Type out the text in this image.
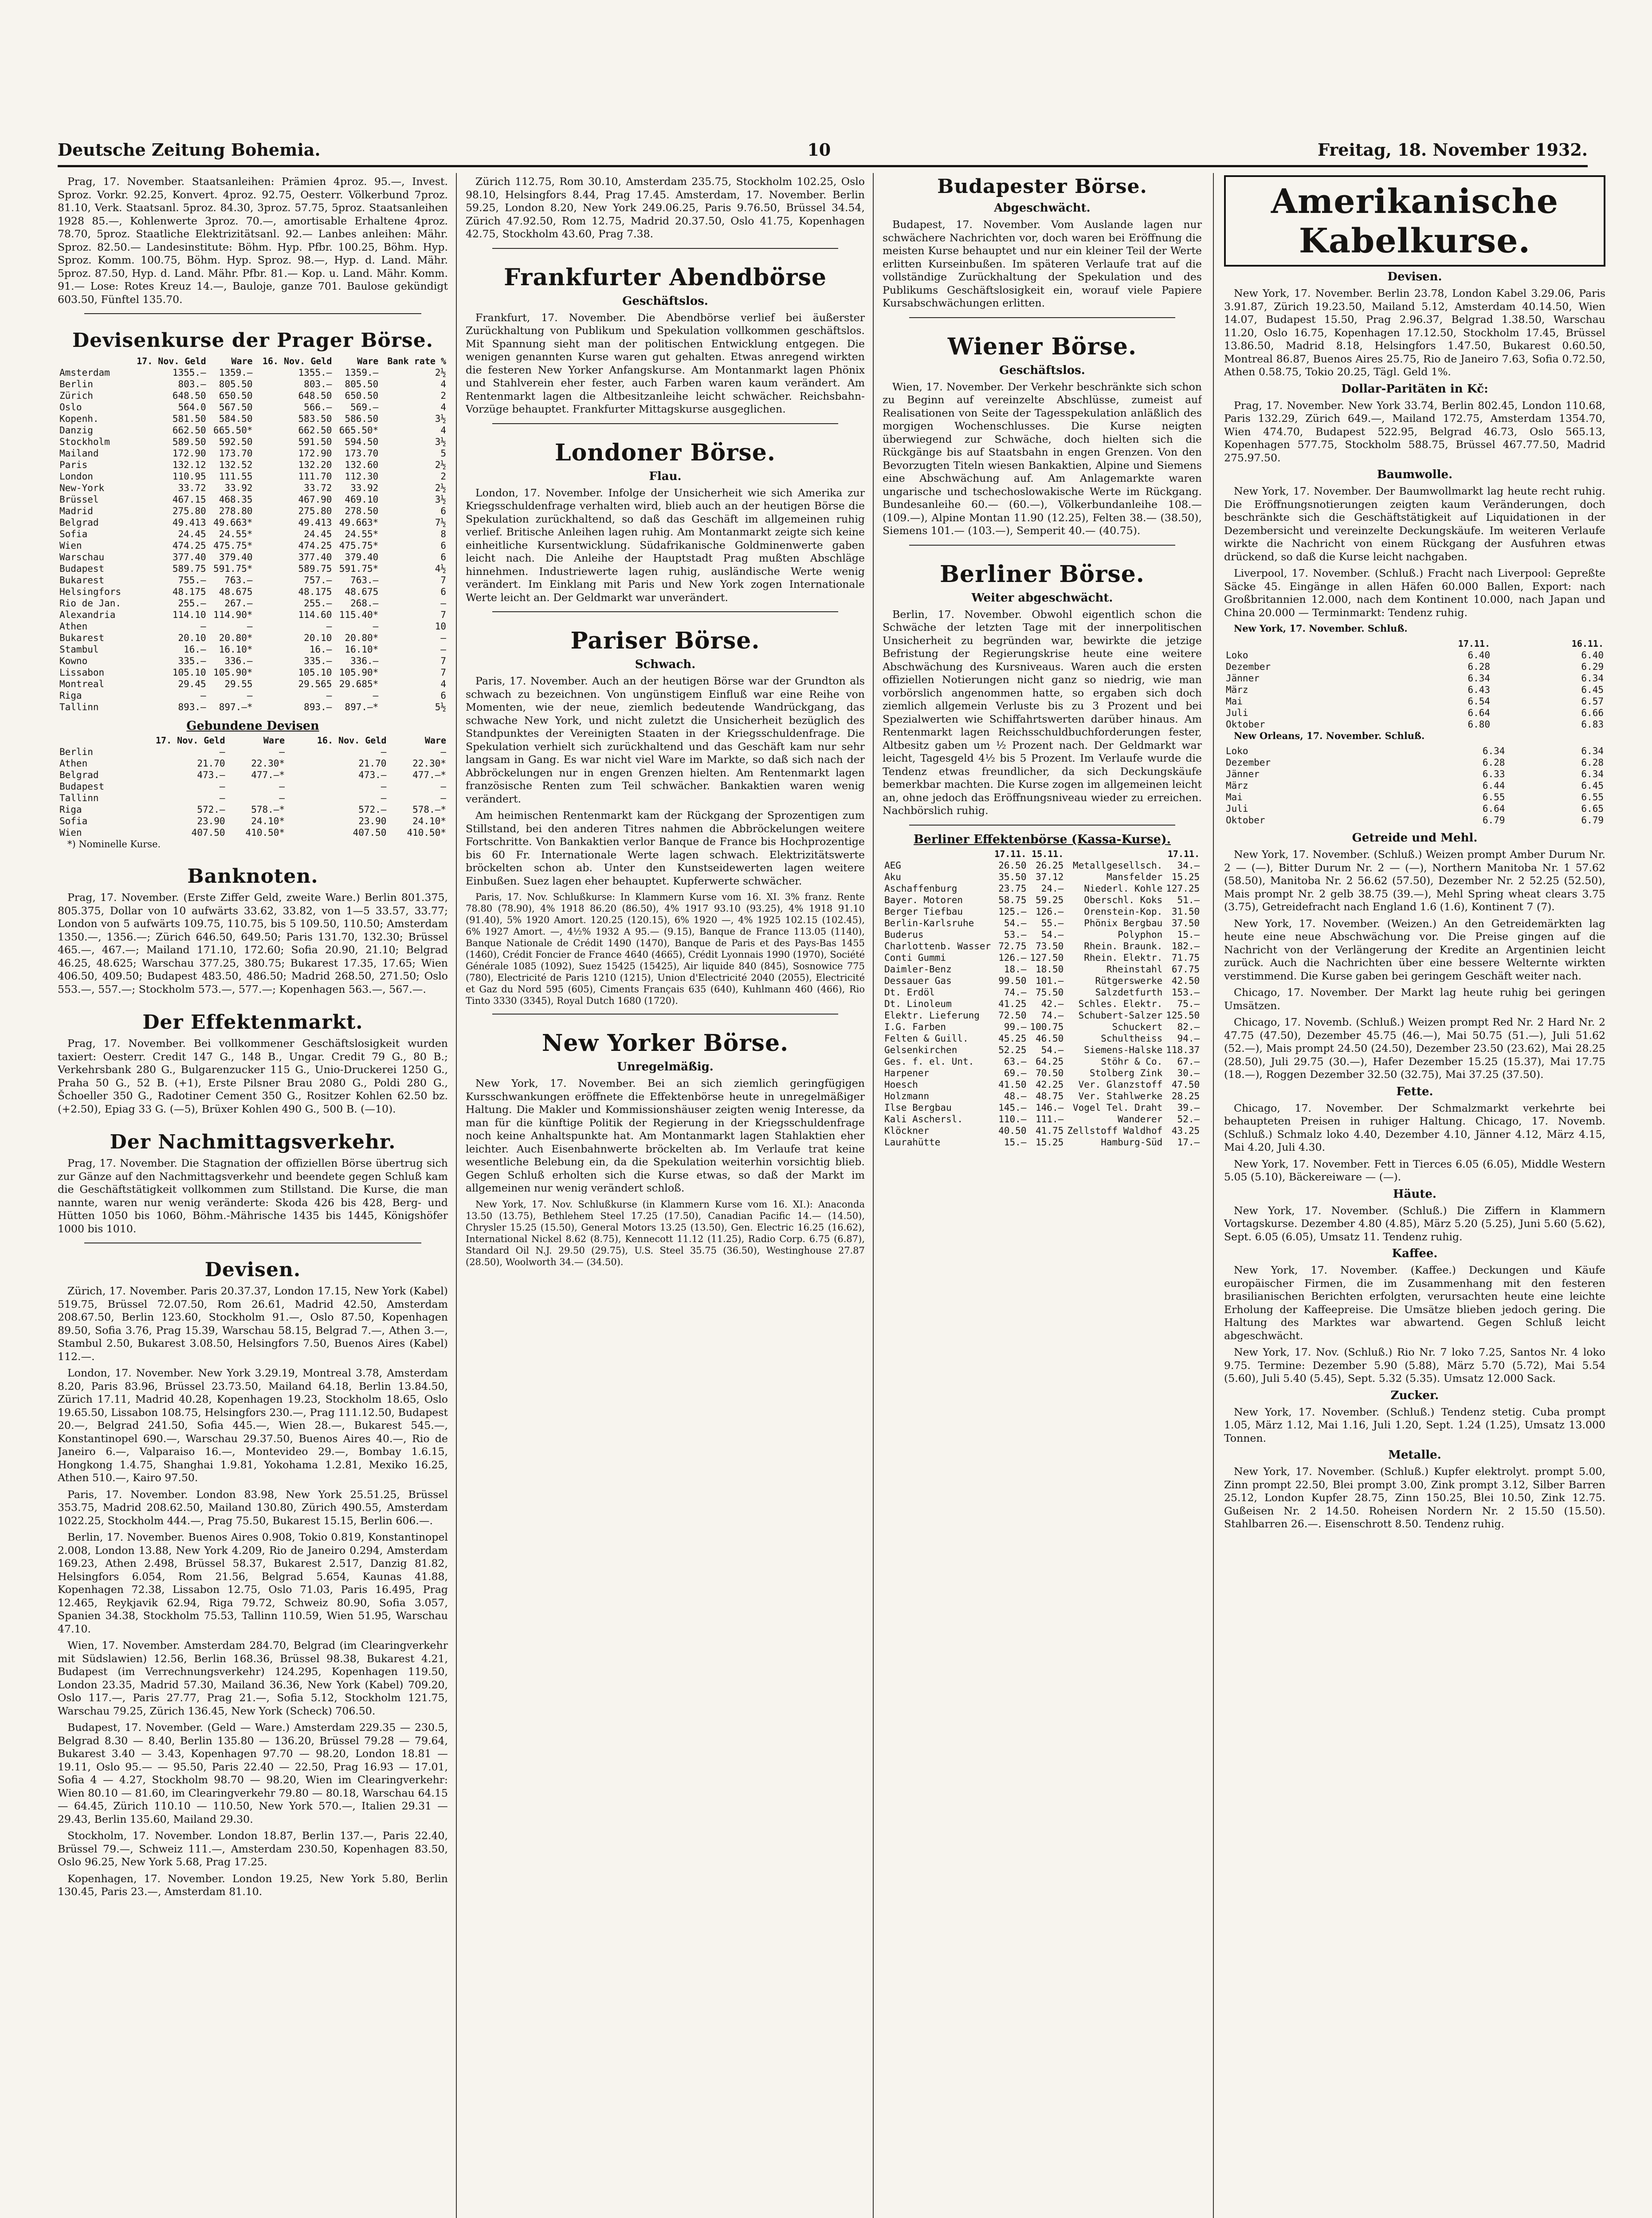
Deutsche Zeitung Bohemia.	10	Freitag, 18. November 1932.

Prag, 17. November. Staatsanleihen: Prämien 4proz. 95.—, Invest. Sproz. Vorkr. 92.25, Konvert. 4proz. 92.75, Oesterr. Völkerbund 7proz. 81.10, Verk. Staatsanl. 5proz. 84.30, 3proz. 57.75, 5proz. Staatsanleihen 1928 85.—, Kohlenwerte 3proz. 70.—, amortisable Erhaltene 4proz. 78.70, 5proz. Staatliche Elektrizitätsanl. 92.— Lanbes anleihen: Mähr. Sproz. 82.50.— Landesinstitute: Böhm. Hyp. Pfbr. 100.25, Böhm. Hyp. Sproz. Komm. 100.75, Böhm. Hyp. Sproz. 98.—, Hyp. d. Land. Mähr. 5proz. 87.50, Hyp. d. Land. Mähr. Pfbr. 81.— Kop. u. Land. Mähr. Komm. 91.— Lose: Rotes Kreuz 14.—, Bauloje, ganze 701. Baulose gekündigt 603.50, Fünftel 135.70.

Devisenkurse der Prager Börse.
	17. Nov. Geld	Ware	16. Nov. Geld	Ware	Bank rate %
Amsterdam	1355.—	1359.—	1355.—	1359.—	2½
Berlin	803.—	805.50	803.—	805.50	4
Zürich	648.50	650.50	648.50	650.50	2
Oslo	564.0	567.50	566.—	569.—	4
Kopenh.	581.50	584.50	583.50	586.50	3½
Danzig	662.50	665.50*	662.50	665.50*	4
Stockholm	589.50	592.50	591.50	594.50	3½
Mailand	172.90	173.70	172.90	173.70	5
Paris	132.12	132.52	132.20	132.60	2½
London	110.95	111.55	111.70	112.30	2
New-York	33.72	33.92	33.72	33.92	2½
Brüssel	467.15	468.35	467.90	469.10	3½
Madrid	275.80	278.80	275.80	278.50	6
Belgrad	49.413	49.663*	49.413	49.663*	7½
Sofia	24.45	24.55*	24.45	24.55*	8
Wien	474.25	475.75*	474.25	475.75*	6
Warschau	377.40	379.40	377.40	379.40	6
Budapest	589.75	591.75*	589.75	591.75*	4½
Bukarest	755.—	763.—	757.—	763.—	7
Helsingfors	48.175	48.675	48.175	48.675	6
Rio de Jan.	255.—	267.—	255.—	268.—	—
Alexandria	114.10	114.90*	114.60	115.40*	7
Athen	—	—	—	—	10
Bukarest	20.10	20.80*	20.10	20.80*	—
Stambul	16.—	16.10*	16.—	16.10*	—
Kowno	335.—	336.—	335.—	336.—	7
Lissabon	105.10	105.90*	105.10	105.90*	7
Montreal	29.45	29.55	29.565	29.685*	4
Riga	—	—	—	—	6
Tallinn	893.—	897.—*	893.—	897.—*	5½
Gebundene Devisen
	17. Nov. Geld	Ware	16. Nov. Geld	Ware
Berlin	—	—	—	—
Athen	21.70	22.30*	21.70	22.30*
Belgrad	473.—	477.—*	473.—	477.—*
Budapest	—	—	—	—
Tallinn	—	—	—	—
Riga	572.—	578.—*	572.—	578.—*
Sofia	23.90	24.10*	23.90	24.10*
Wien	407.50	410.50*	407.50	410.50*

*) Nominelle Kurse.

Banknoten.

Prag, 17. November. (Erste Ziffer Geld, zweite Ware.) Berlin 801.375, 805.375, Dollar von 10 aufwärts 33.62, 33.82, von 1—5 33.57, 33.77; London von 5 aufwärts 109.75, 110.75, bis 5 109.50, 110.50; Amsterdam 1350.—, 1356.—; Zürich 646.50, 649.50; Paris 131.70, 132.30; Brüssel 465.—, 467.—; Mailand 171.10, 172.60; Sofia 20.90, 21.10; Belgrad 46.25, 48.625; Warschau 377.25, 380.75; Bukarest 17.35, 17.65; Wien 406.50, 409.50; Budapest 483.50, 486.50; Madrid 268.50, 271.50; Oslo 553.—, 557.—; Stockholm 573.—, 577.—; Kopenhagen 563.—, 567.—.

Der Effektenmarkt.

Prag, 17. November. Bei vollkommener Geschäftslosigkeit wurden taxiert: Oesterr. Credit 147 G., 148 B., Ungar. Credit 79 G., 80 B.; Verkehrsbank 280 G., Bulgarenzucker 115 G., Unio-Druckerei 1250 G., Praha 50 G., 52 B. (+1), Erste Pilsner Brau 2080 G., Poldi 280 G., Šchoeller 350 G., Radotiner Cement 350 G., Rositzer Kohlen 62.50 bz. (+2.50), Epiag 33 G. (—5), Brüxer Kohlen 490 G., 500 B. (—10).

Der Nachmittagsverkehr.

Prag, 17. November. Die Stagnation der offiziellen Börse übertrug sich zur Gänze auf den Nachmittagsverkehr und beendete gegen Schluß kam die Geschäftstätigkeit vollkommen zum Stillstand. Die Kurse, die man nannte, waren nur wenig veränderte: Skoda 426 bis 428, Berg- und Hütten 1050 bis 1060, Böhm.-Mährische 1435 bis 1445, Königshöfer 1000 bis 1010.

Devisen.

Zürich, 17. November. Paris 20.37.37, London 17.15, New York (Kabel) 519.75, Brüssel 72.07.50, Rom 26.61, Madrid 42.50, Amsterdam 208.67.50, Berlin 123.60, Stockholm 91.—, Oslo 87.50, Kopenhagen 89.50, Sofia 3.76, Prag 15.39, Warschau 58.15, Belgrad 7.—, Athen 3.—, Stambul 2.50, Bukarest 3.08.50, Helsingfors 7.50, Buenos Aires (Kabel) 112.—.

London, 17. November. New York 3.29.19, Montreal 3.78, Amsterdam 8.20, Paris 83.96, Brüssel 23.73.50, Mailand 64.18, Berlin 13.84.50, Zürich 17.11, Madrid 40.28, Kopenhagen 19.23, Stockholm 18.65, Oslo 19.65.50, Lissabon 108.75, Helsingfors 230.—, Prag 111.12.50, Budapest 20.—, Belgrad 241.50, Sofia 445.—, Wien 28.—, Bukarest 545.—, Konstantinopel 690.—, Warschau 29.37.50, Buenos Aires 40.—, Rio de Janeiro 6.—, Valparaiso 16.—, Montevideo 29.—, Bombay 1.6.15, Hongkong 1.4.75, Shanghai 1.9.81, Yokohama 1.2.81, Mexiko 16.25, Athen 510.—, Kairo 97.50.

Paris, 17. November. London 83.98, New York 25.51.25, Brüssel 353.75, Madrid 208.62.50, Mailand 130.80, Zürich 490.55, Amsterdam 1022.25, Stockholm 444.—, Prag 75.50, Bukarest 15.15, Berlin 606.—.

Berlin, 17. November. Buenos Aires 0.908, Tokio 0.819, Konstantinopel 2.008, London 13.88, New York 4.209, Rio de Janeiro 0.294, Amsterdam 169.23, Athen 2.498, Brüssel 58.37, Bukarest 2.517, Danzig 81.82, Helsingfors 6.054, Rom 21.56, Belgrad 5.654, Kaunas 41.88, Kopenhagen 72.38, Lissabon 12.75, Oslo 71.03, Paris 16.495, Prag 12.465, Reykjavik 62.94, Riga 79.72, Schweiz 80.90, Sofia 3.057, Spanien 34.38, Stockholm 75.53, Tallinn 110.59, Wien 51.95, Warschau 47.10.

Wien, 17. November. Amsterdam 284.70, Belgrad (im Clearingverkehr mit Südslawien) 12.56, Berlin 168.36, Brüssel 98.38, Bukarest 4.21, Budapest (im Verrechnungsverkehr) 124.295, Kopenhagen 119.50, London 23.35, Madrid 57.30, Mailand 36.36, New York (Kabel) 709.20, Oslo 117.—, Paris 27.77, Prag 21.—, Sofia 5.12, Stockholm 121.75, Warschau 79.25, Zürich 136.45, New York (Scheck) 706.50.

Budapest, 17. November. (Geld — Ware.) Amsterdam 229.35 — 230.5, Belgrad 8.30 — 8.40, Berlin 135.80 — 136.20, Brüssel 79.28 — 79.64, Bukarest 3.40 — 3.43, Kopenhagen 97.70 — 98.20, London 18.81 — 19.11, Oslo 95.— — 95.50, Paris 22.40 — 22.50, Prag 16.93 — 17.01, Sofia 4 — 4.27, Stockholm 98.70 — 98.20, Wien im Clearingverkehr: Wien 80.10 — 81.60, im Clearingverkehr 79.80 — 80.18, Warschau 64.15 — 64.45, Zürich 110.10 — 110.50, New York 570.—, Italien 29.31 — 29.43, Berlin 135.60, Mailand 29.30.

Stockholm, 17. November. London 18.87, Berlin 137.—, Paris 22.40, Brüssel 79.—, Schweiz 111.—, Amsterdam 230.50, Kopenhagen 83.50, Oslo 96.25, New York 5.68, Prag 17.25.

Kopenhagen, 17. November. London 19.25, New York 5.80, Berlin 130.45, Paris 23.—, Amsterdam 81.10.

Zürich 112.75, Rom 30.10, Amsterdam 235.75, Stockholm 102.25, Oslo 98.10, Helsingfors 8.44, Prag 17.45. Amsterdam, 17. November. Berlin 59.25, London 8.20, New York 249.06.25, Paris 9.76.50, Brüssel 34.54, Zürich 47.92.50, Rom 12.75, Madrid 20.37.50, Oslo 41.75, Kopenhagen 42.75, Stockholm 43.60, Prag 7.38.

Frankfurter Abendbörse
Geschäftslos.

Frankfurt, 17. November. Die Abendbörse verlief bei äußerster Zurückhaltung von Publikum und Spekulation vollkommen geschäftslos. Mit Spannung sieht man der politischen Entwicklung entgegen. Die wenigen genannten Kurse waren gut gehalten. Etwas anregend wirkten die festeren New Yorker Anfangskurse. Am Montanmarkt lagen Phönix und Stahlverein eher fester, auch Farben waren kaum verändert. Am Rentenmarkt lagen die Altbesitzanleihe leicht schwächer. Reichsbahn-Vorzüge behauptet. Frankfurter Mittagskurse ausgeglichen.

Londoner Börse.
Flau.

London, 17. November. Infolge der Unsicherheit wie sich Amerika zur Kriegsschuldenfrage verhalten wird, blieb auch an der heutigen Börse die Spekulation zurückhaltend, so daß das Geschäft im allgemeinen ruhig verlief. Britische Anleihen lagen ruhig. Am Montanmarkt zeigte sich keine einheitliche Kursentwicklung. Südafrikanische Goldminenwerte gaben leicht nach. Die Anleihe der Hauptstadt Prag mußten Abschläge hinnehmen. Industriewerte lagen ruhig, ausländische Werte wenig verändert. Im Einklang mit Paris und New York zogen Internationale Werte leicht an. Der Geldmarkt war unverändert.

Pariser Börse.
Schwach.

Paris, 17. November. Auch an der heutigen Börse war der Grundton als schwach zu bezeichnen. Von ungünstigem Einfluß war eine Reihe von Momenten, wie der neue, ziemlich bedeutende Wandrückgang, das schwache New York, und nicht zuletzt die Unsicherheit bezüglich des Standpunktes der Vereinigten Staaten in der Kriegsschuldenfrage. Die Spekulation verhielt sich zurückhaltend und das Geschäft kam nur sehr langsam in Gang. Es war nicht viel Ware im Markte, so daß sich nach der Abbröckelungen nur in engen Grenzen hielten. Am Rentenmarkt lagen französische Renten zum Teil schwächer. Bankaktien waren wenig verändert.

Am heimischen Rentenmarkt kam der Rückgang der Sprozentigen zum Stillstand, bei den anderen Titres nahmen die Abbröckelungen weitere Fortschritte. Von Bankaktien verlor Banque de France bis Hochprozentige bis 60 Fr. Internationale Werte lagen schwach. Elektrizitätswerte bröckelten schon ab. Unter den Kunstseidewerten lagen weitere Einbußen. Suez lagen eher behauptet. Kupferwerte schwächer.

Paris, 17. Nov. Schlußkurse: In Klammern Kurse vom 16. XI. 3% franz. Rente 78.80 (78.90), 4% 1918 86.20 (86.50), 4% 1917 93.10 (93.25), 4% 1918 91.10 (91.40), 5% 1920 Amort. 120.25 (120.15), 6% 1920 —, 4% 1925 102.15 (102.45), 6% 1927 Amort. —, 4½% 1932 A 95.— (9.15), Banque de France 113.05 (1140), Banque Nationale de Crédit 1490 (1470), Banque de Paris et des Pays-Bas 1455 (1460), Crédit Foncier de France 4640 (4665), Crédit Lyonnais 1990 (1970), Société Générale 1085 (1092), Suez 15425 (15425), Air liquide 840 (845), Sosnowice 775 (780), Electricité de Paris 1210 (1215), Union d'Electricité 2040 (2055), Electricité et Gaz du Nord 595 (605), Ciments Français 635 (640), Kuhlmann 460 (466), Rio Tinto 3330 (3345), Royal Dutch 1680 (1720).

New Yorker Börse.
Unregelmäßig.

New York, 17. November. Bei an sich ziemlich geringfügigen Kursschwankungen eröffnete die Effektenbörse heute in unregelmäßiger Haltung. Die Makler und Kommissionshäuser zeigten wenig Interesse, da man für die künftige Politik der Regierung in der Kriegsschuldenfrage noch keine Anhaltspunkte hat. Am Montanmarkt lagen Stahlaktien eher leichter. Auch Eisenbahnwerte bröckelten ab. Im Verlaufe trat keine wesentliche Belebung ein, da die Spekulation weiterhin vorsichtig blieb. Gegen Schluß erholten sich die Kurse etwas, so daß der Markt im allgemeinen nur wenig verändert schloß.

New York, 17. Nov. Schlußkurse (in Klammern Kurse vom 16. XI.): Anaconda 13.50 (13.75), Bethlehem Steel 17.25 (17.50), Canadian Pacific 14.— (14.50), Chrysler 15.25 (15.50), General Motors 13.25 (13.50), Gen. Electric 16.25 (16.62), International Nickel 8.62 (8.75), Kennecott 11.12 (11.25), Radio Corp. 6.75 (6.87), Standard Oil N.J. 29.50 (29.75), U.S. Steel 35.75 (36.50), Westinghouse 27.87 (28.50), Woolworth 34.— (34.50).

Budapester Börse.
Abgeschwächt.

Budapest, 17. November. Vom Auslande lagen nur schwächere Nachrichten vor, doch waren bei Eröffnung die meisten Kurse behauptet und nur ein kleiner Teil der Werte erlitten Kurseinbußen. Im späteren Verlaufe trat auf die vollständige Zurückhaltung der Spekulation und des Publikums Geschäftslosigkeit ein, worauf viele Papiere Kursabschwächungen erlitten.

Wiener Börse.
Geschäftslos.

Wien, 17. November. Der Verkehr beschränkte sich schon zu Beginn auf vereinzelte Abschlüsse, zumeist auf Realisationen von Seite der Tagesspekulation anläßlich des morgigen Wochenschlusses. Die Kurse neigten überwiegend zur Schwäche, doch hielten sich die Rückgänge bis auf Staatsbahn in engen Grenzen. Von den Bevorzugten Titeln wiesen Bankaktien, Alpine und Siemens eine Abschwächung auf. Am Anlagemarkte waren ungarische und tschechoslowakische Werte im Rückgang. Bundesanleihe 60.— (60.—), Völkerbundanleihe 108.— (109.—), Alpine Montan 11.90 (12.25), Felten 38.— (38.50), Siemens 101.— (103.—), Semperit 40.— (40.75).

Berliner Börse.
Weiter abgeschwächt.

Berlin, 17. November. Obwohl eigentlich schon die Schwäche der letzten Tage mit der innerpolitischen Unsicherheit zu begründen war, bewirkte die jetzige Befristung der Regierungskrise heute eine weitere Abschwächung des Kursniveaus. Waren auch die ersten offiziellen Notierungen nicht ganz so niedrig, wie man vorbörslich angenommen hatte, so ergaben sich doch ziemlich allgemein Verluste bis zu 3 Prozent und bei Spezialwerten wie Schiffahrtswerten darüber hinaus. Am Rentenmarkt lagen Reichsschuldbuchforderungen fester, Altbesitz gaben um ½ Prozent nach. Der Geldmarkt war leicht, Tagesgeld 4½ bis 5 Prozent. Im Verlaufe wurde die Tendenz etwas freundlicher, da sich Deckungskäufe bemerkbar machten. Die Kurse zogen im allgemeinen leicht an, ohne jedoch das Eröffnungsniveau wieder zu erreichen. Nachbörslich ruhig.

Berliner Effektenbörse (Kassa-Kurse).
	17.11.	15.11.		17.11.	
AEG	26.50	26.25	Metallgesellsch.	34.—	
Aku	35.50	37.12	Mansfelder	15.25	
Aschaffenburg	23.75	24.—	Niederl. Kohle	127.25	
Bayer. Motoren	58.75	59.25	Oberschl. Koks	51.—	
Berger Tiefbau	125.—	126.—	Orenstein-Kop.	31.50	
Berlin-Karlsruhe	54.—	55.—	Phönix Bergbau	37.50	
Buderus	53.—	54.—	Polyphon	15.—	
Charlottenb. Wasser	72.75	73.50	Rhein. Braunk.	182.—	
Conti Gummi	126.—	127.50	Rhein. Elektr.	71.75	
Daimler-Benz	18.—	18.50	Rheinstahl	67.75	
Dessauer Gas	99.50	101.—	Rütgerswerke	42.50	
Dt. Erdöl	74.—	75.50	Salzdetfurth	153.—	
Dt. Linoleum	41.25	42.—	Schles. Elektr.	75.—	
Elektr. Lieferung	72.50	74.—	Schubert-Salzer	125.50	
I.G. Farben	99.—	100.75	Schuckert	82.—	
Felten & Guill.	45.25	46.50	Schultheiss	94.—	
Gelsenkirchen	52.25	54.—	Siemens-Halske	118.37	
Ges. f. el. Unt.	63.—	64.25	Stöhr & Co.	67.—	
Harpener	69.—	70.50	Stolberg Zink	30.—	
Hoesch	41.50	42.25	Ver. Glanzstoff	47.50	
Holzmann	48.—	48.75	Ver. Stahlwerke	28.25	
Ilse Bergbau	145.—	146.—	Vogel Tel. Draht	39.—	
Kali Aschersl.	110.—	111.—	Wanderer	52.—	
Klöckner	40.50	41.75	Zellstoff Waldhof	43.25	
Laurahütte	15.—	15.25	Hamburg-Süd	17.—	
Amerikanische Kabelkurse.
Devisen.

New York, 17. November. Berlin 23.78, London Kabel 3.29.06, Paris 3.91.87, Zürich 19.23.50, Mailand 5.12, Amsterdam 40.14.50, Wien 14.07, Budapest 15.50, Prag 2.96.37, Belgrad 1.38.50, Warschau 11.20, Oslo 16.75, Kopenhagen 17.12.50, Stockholm 17.45, Brüssel 13.86.50, Madrid 8.18, Helsingfors 1.47.50, Bukarest 0.60.50, Montreal 86.87, Buenos Aires 25.75, Rio de Janeiro 7.63, Sofia 0.72.50, Athen 0.58.75, Tokio 20.25, Tägl. Geld 1%.

Dollar-Paritäten in Kč:

Prag, 17. November. New York 33.74, Berlin 802.45, London 110.68, Paris 132.29, Zürich 649.—, Mailand 172.75, Amsterdam 1354.70, Wien 474.70, Budapest 522.95, Belgrad 46.73, Oslo 565.13, Kopenhagen 577.75, Stockholm 588.75, Brüssel 467.77.50, Madrid 275.97.50.

Baumwolle.

New York, 17. November. Der Baumwollmarkt lag heute recht ruhig. Die Eröffnungsnotierungen zeigten kaum Veränderungen, doch beschränkte sich die Geschäftstätigkeit auf Liquidationen in der Dezembersicht und vereinzelte Deckungskäufe. Im weiteren Verlaufe wirkte die Nachricht von einem Rückgang der Ausfuhren etwas drückend, so daß die Kurse leicht nachgaben.

Liverpool, 17. November. (Schluß.) Fracht nach Liverpool: Gepreßte Säcke 45. Eingänge in allen Häfen 60.000 Ballen, Export: nach Großbritannien 12.000, nach dem Kontinent 10.000, nach Japan und China 20.000 — Terminmarkt: Tendenz ruhig.

New York, 17. November. Schluß.

	17.11.	16.11.
Loko	6.40	6.40
Dezember	6.28	6.29
Jänner	6.34	6.34
März	6.43	6.45
Mai	6.54	6.57
Juli	6.64	6.66
Oktober	6.80	6.83

New Orleans, 17. November. Schluß.

Loko	6.34	6.34
Dezember	6.28	6.28
Jänner	6.33	6.34
März	6.44	6.45
Mai	6.55	6.55
Juli	6.64	6.65
Oktober	6.79	6.79
Getreide und Mehl.

New York, 17. November. (Schluß.) Weizen prompt Amber Durum Nr. 2 — (—), Bitter Durum Nr. 2 — (—), Northern Manitoba Nr. 1 57.62 (58.50), Manitoba Nr. 2 56.62 (57.50), Dezember Nr. 2 52.25 (52.50), Mais prompt Nr. 2 gelb 38.75 (39.—), Mehl Spring wheat clears 3.75 (3.75), Getreidefracht nach England 1.6 (1.6), Kontinent 7 (7).

New York, 17. November. (Weizen.) An den Getreidemärkten lag heute eine neue Abschwächung vor. Die Preise gingen auf die Nachricht von der Verlängerung der Kredite an Argentinien leicht zurück. Auch die Nachrichten über eine bessere Welternte wirkten verstimmend. Die Kurse gaben bei geringem Geschäft weiter nach.

Chicago, 17. November. Der Markt lag heute ruhig bei geringen Umsätzen.

Chicago, 17. Novemb. (Schluß.) Weizen prompt Red Nr. 2 Hard Nr. 2 47.75 (47.50), Dezember 45.75 (46.—), Mai 50.75 (51.—), Juli 51.62 (52.—), Mais prompt 24.50 (24.50), Dezember 23.50 (23.62), Mai 28.25 (28.50), Juli 29.75 (30.—), Hafer Dezember 15.25 (15.37), Mai 17.75 (18.—), Roggen Dezember 32.50 (32.75), Mai 37.25 (37.50).

Fette.

Chicago, 17. November. Der Schmalzmarkt verkehrte bei behaupteten Preisen in ruhiger Haltung. Chicago, 17. Novemb. (Schluß.) Schmalz loko 4.40, Dezember 4.10, Jänner 4.12, März 4.15, Mai 4.20, Juli 4.30.

New York, 17. November. Fett in Tierces 6.05 (6.05), Middle Western 5.05 (5.10), Bäckereiware — (—).

Häute.

New York, 17. November. (Schluß.) Die Ziffern in Klammern Vortagskurse. Dezember 4.80 (4.85), März 5.20 (5.25), Juni 5.60 (5.62), Sept. 6.05 (6.05), Umsatz 11. Tendenz ruhig.

Kaffee.

New York, 17. November. (Kaffee.) Deckungen und Käufe europäischer Firmen, die im Zusammenhang mit den festeren brasilianischen Berichten erfolgten, verursachten heute eine leichte Erholung der Kaffeepreise. Die Umsätze blieben jedoch gering. Die Haltung des Marktes war abwartend. Gegen Schluß leicht abgeschwächt.

New York, 17. Nov. (Schluß.) Rio Nr. 7 loko 7.25, Santos Nr. 4 loko 9.75. Termine: Dezember 5.90 (5.88), März 5.70 (5.72), Mai 5.54 (5.60), Juli 5.40 (5.45), Sept. 5.32 (5.35). Umsatz 12.000 Sack.

Zucker.

New York, 17. November. (Schluß.) Tendenz stetig. Cuba prompt 1.05, März 1.12, Mai 1.16, Juli 1.20, Sept. 1.24 (1.25), Umsatz 13.000 Tonnen.

Metalle.

New York, 17. November. (Schluß.) Kupfer elektrolyt. prompt 5.00, Zinn prompt 22.50, Blei prompt 3.00, Zink prompt 3.12, Silber Barren 25.12, London Kupfer 28.75, Zinn 150.25, Blei 10.50, Zink 12.75. Gußeisen Nr. 2 14.50. Roheisen Nordern Nr. 2 15.50 (15.50). Stahlbarren 26.—. Eisenschrott 8.50. Tendenz ruhig.
